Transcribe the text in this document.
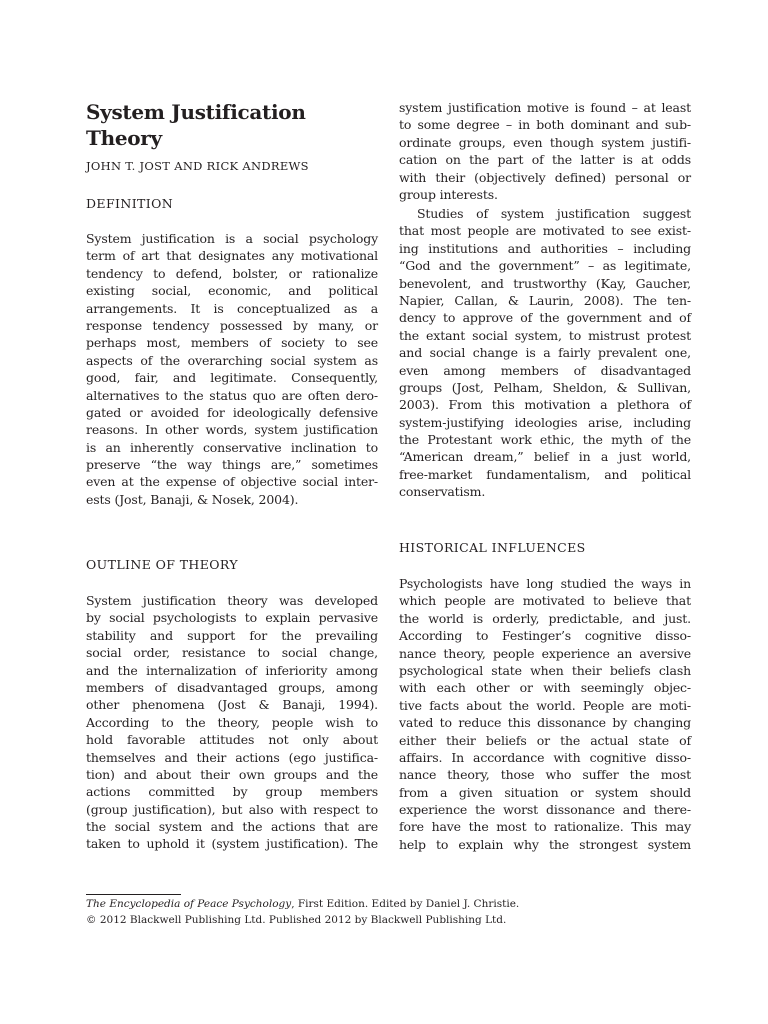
System Justification
Theory
JOHN T. JOST AND RICK ANDREWS
DEFINITION
System justification is a social psychology
term of art that designates any motivational
tendency to defend, bolster, or rationalize
existing social, economic, and political
arrangements. It is conceptualized as a
response tendency possessed by many, or
perhaps most, members of society to see
aspects of the overarching social system as
good, fair, and legitimate. Consequently,
alternatives to the status quo are often dero-
gated or avoided for ideologically defensive
reasons. In other words, system justification
is an inherently conservative inclination to
preserve “the way things are,” sometimes
even at the expense of objective social inter-
ests (Jost, Banaji, & Nosek, 2004).
OUTLINE OF THEORY
System justification theory was developed
by social psychologists to explain pervasive
stability and support for the prevailing
social order, resistance to social change,
and the internalization of inferiority among
members of disadvantaged groups, among
other phenomena (Jost & Banaji, 1994).
According to the theory, people wish to
hold favorable attitudes not only about
themselves and their actions (ego justifica-
tion) and about their own groups and the
actions committed by group members
(group justification), but also with respect to
the social system and the actions that are
taken to uphold it (system justification). The
system justification motive is found – at least
to some degree – in both dominant and sub-
ordinate groups, even though system justifi-
cation on the part of the latter is at odds
with their (objectively defined) personal or
group interests.
Studies of system justification suggest
that most people are motivated to see exist-
ing institutions and authorities – including
“God and the government” – as legitimate,
benevolent, and trustworthy (Kay, Gaucher,
Napier, Callan, & Laurin, 2008). The ten-
dency to approve of the government and of
the extant social system, to mistrust protest
and social change is a fairly prevalent one,
even among members of disadvantaged
groups (Jost, Pelham, Sheldon, & Sullivan,
2003). From this motivation a plethora of
system-justifying ideologies arise, including
the Protestant work ethic, the myth of the
“American dream,” belief in a just world,
free-market fundamentalism, and political
conservatism.
HISTORICAL INFLUENCES
Psychologists have long studied the ways in
which people are motivated to believe that
the world is orderly, predictable, and just.
According to Festinger’s cognitive disso-
nance theory, people experience an aversive
psychological state when their beliefs clash
with each other or with seemingly objec-
tive facts about the world. People are moti-
vated to reduce this dissonance by changing
either their beliefs or the actual state of
affairs. In accordance with cognitive disso-
nance theory, those who suffer the most
from a given situation or system should
experience the worst dissonance and there-
fore have the most to rationalize. This may
help to explain why the strongest system
The Encyclopedia of Peace Psychology, First Edition. Edited by Daniel J. Christie.
© 2012 Blackwell Publishing Ltd. Published 2012 by Blackwell Publishing Ltd.
